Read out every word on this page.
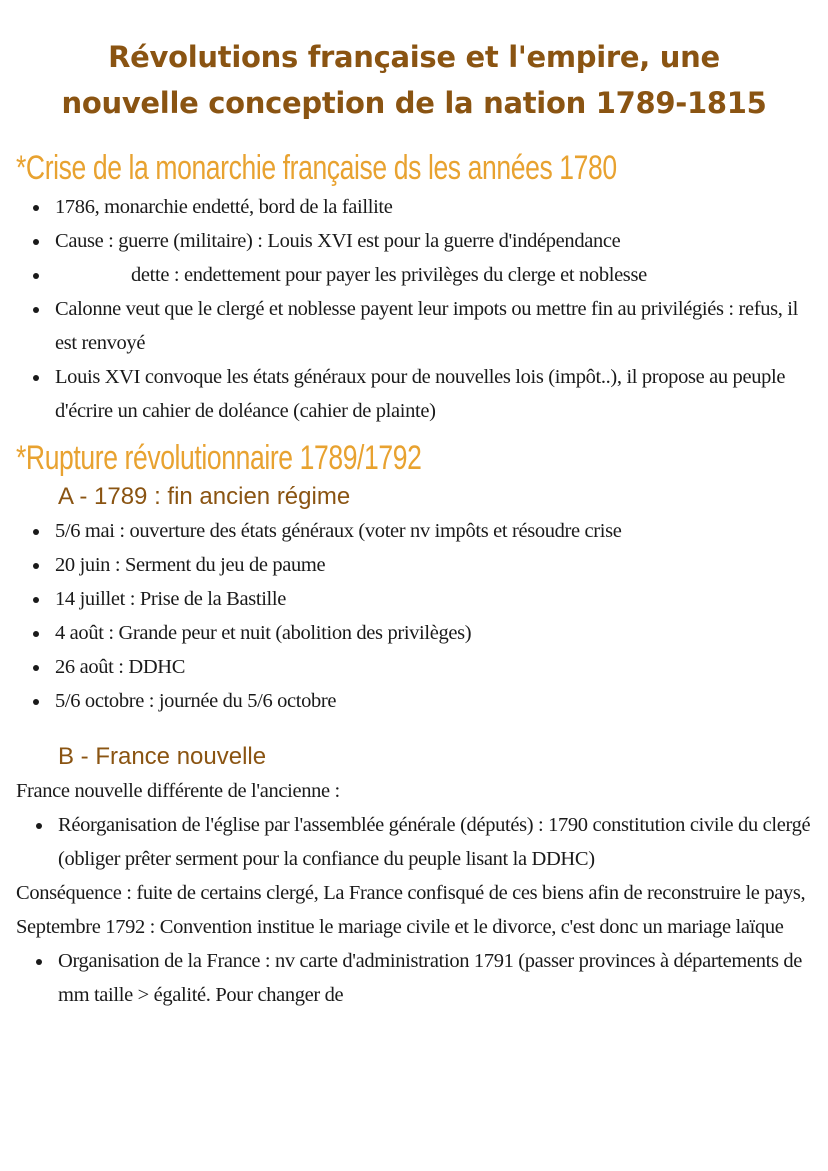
Révolutions française et l'empire, une
nouvelle conception de la nation 1789-1815
*Crise de la monarchie française ds les années 1780
1786, monarchie endetté, bord de la faillite
Cause : guerre (militaire) : Louis XVI est pour la guerre d'indépendance
dette : endettement pour payer les privilèges du clerge et noblesse
Calonne veut que le clergé et noblesse payent leur impots ou mettre fin au privilégiés : refus, il est renvoyé
Louis XVI convoque les états généraux pour de nouvelles lois (impôt..), il propose au peuple d'écrire un cahier de doléance (cahier de plainte)
*Rupture révolutionnaire 1789/1792
A - 1789 : fin ancien régime
5/6 mai : ouverture des états généraux (voter nv impôts et résoudre crise
20 juin : Serment du jeu de paume
14 juillet : Prise de la Bastille
4 août : Grande peur et nuit (abolition des privilèges)
26 août : DDHC
5/6 octobre : journée du 5/6 octobre
B - France nouvelle

France nouvelle différente de l'ancienne :

Réorganisation de l'église par l'assemblée générale (députés) : 1790 constitution civile du clergé (obliger prêter serment pour la confiance du peuple lisant la DDHC)

Conséquence : fuite de certains clergé, La France confisqué de ces biens afin de reconstruire le pays, Septembre 1792 : Convention institue le mariage civile et le divorce, c'est donc un mariage laïque

Organisation de la France : nv carte d'administration 1791 (passer provinces à départements de mm taille > égalité. Pour changer de
